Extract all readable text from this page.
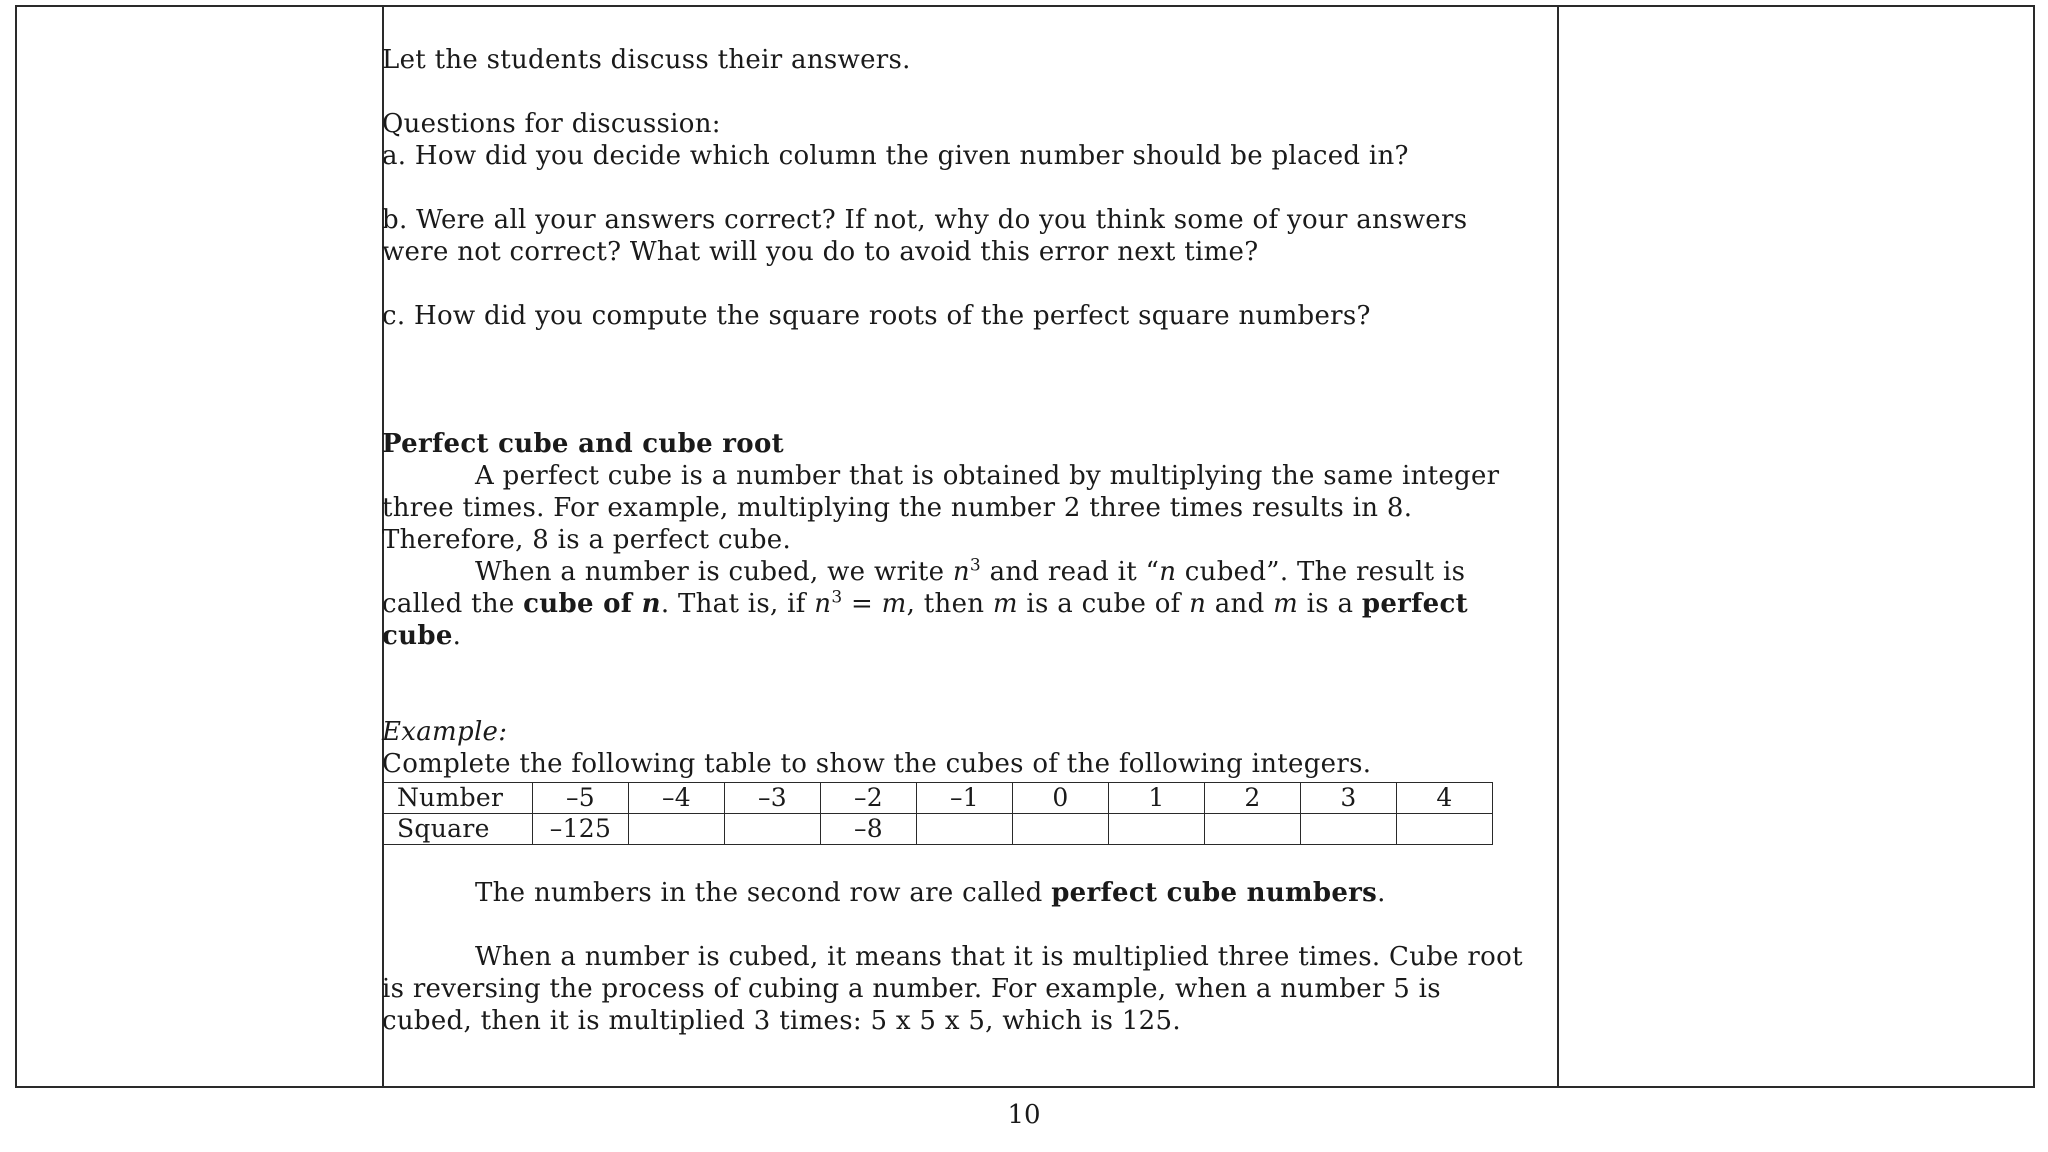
Let the students discuss their answers.

Questions for discussion:

a. How did you decide which column the given number should be placed in?

b. Were all your answers correct? If not, why do you think some of your answers were not correct? What will you do to avoid this error next time?

c. How did you compute the square roots of the perfect square numbers?

Perfect cube and cube root

A perfect cube is a number that is obtained by multiplying the same integer three times. For example, multiplying the number 2 three times results in 8. Therefore, 8 is a perfect cube.

When a number is cubed, we write $n^3$ and read it “n cubed”. The result is called the cube of n. That is, if $n^3 = m$, then m is a cube of n and m is a perfect cube.

Example:

Complete the following table to show the cubes of the following integers.

Number	–5	–4	–3	–2	–1	0	1	2	3	4
Square	–125			–8						

The numbers in the second row are called perfect cube numbers.

When a number is cubed, it means that it is multiplied three times. Cube root is reversing the process of cubing a number. For example, when a number 5 is cubed, then it is multiplied 3 times: 5 x 5 x 5, which is 125.

10
